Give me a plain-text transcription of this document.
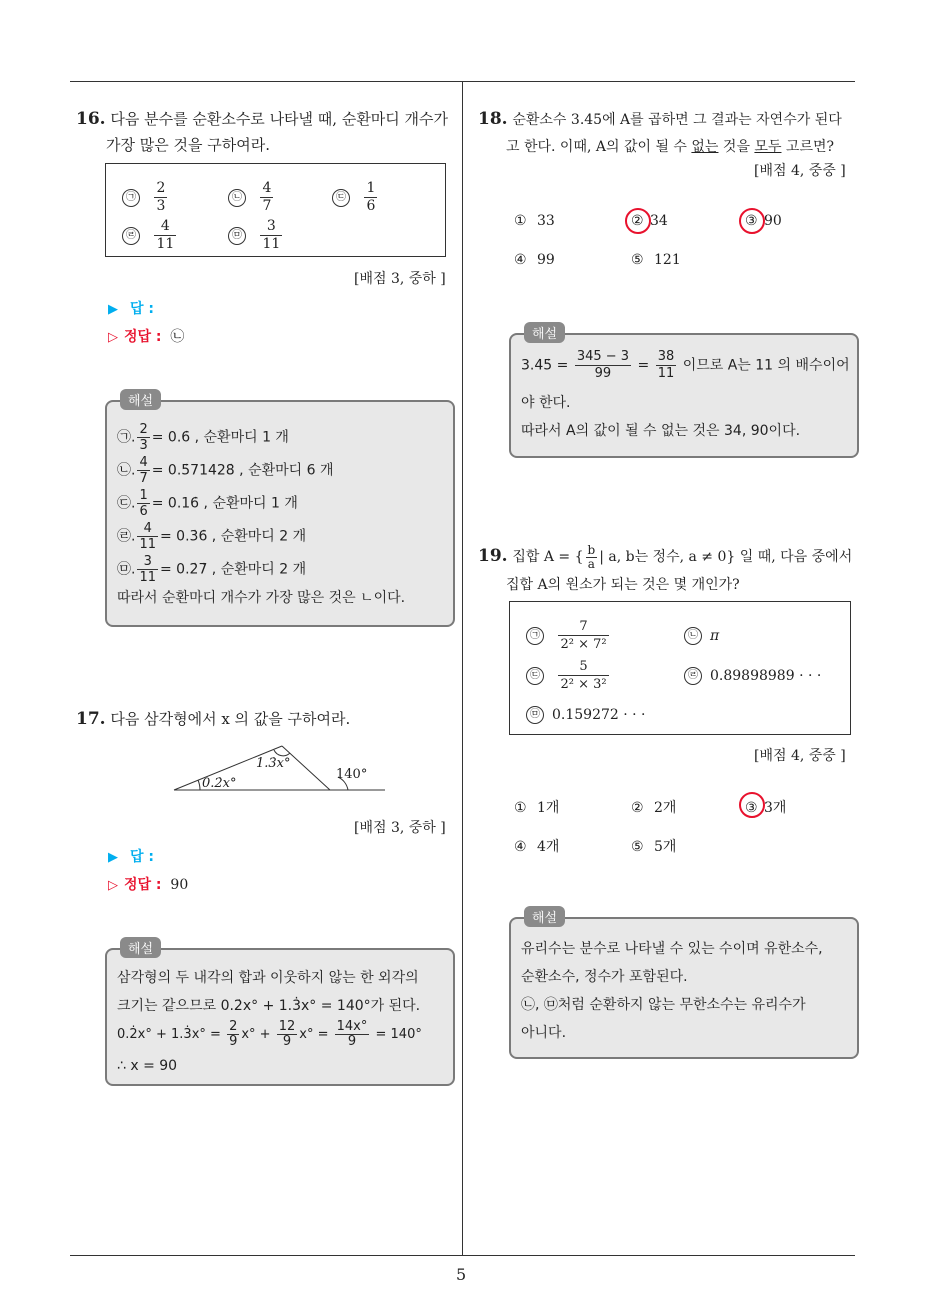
5
16. 다음 분수를 순환소수로 나타낼 때, 순환마디 개수가
가장 많은 것을 구하여라.
㉠ $\frac{2}{3}$	㉡ $\frac{4}{7}$	㉢ $\frac{1}{6}$
㉣ $\frac{4}{11}$	㉤ $\frac{3}{11}$
[배점 3, 중하 ]
▶ 답 :
▷ 정답 : ㉡
㉠. $\frac{2}{3}$ = 0.6̇ , 순환마디 1 개
㉡. $\frac{4}{7}$ = 0.5̇71428̇ , 순환마디 6 개
㉢. $\frac{1}{6}$ = 0.16̇ , 순환마디 1 개
㉣. $\frac{4}{11}$ = 0.3̇6̇ , 순환마디 2 개
㉤. $\frac{3}{11}$ = 0.2̇7̇ , 순환마디 2 개
따라서 순환마디 개수가 가장 많은 것은 ㄴ이다.
해설
17. 다음 삼각형에서 x 의 값을 구하여라.
1.3̇x°
0.2̇x°
140°
[배점 3, 중하 ]
▶ 답 :
▷ 정답 : 90
삼각형의 두 내각의 합과 이웃하지 않는 한 외각의
크기는 같으므로 0.2̇x° + 1.3̇x° = 140°가 된다.
0.2̇x° + 1.3̇x° = $\frac{2}{9} x^\circ + \frac{12}{9} x^\circ = \frac{14x^\circ}{9} = 140^\circ$
∴ x = 90
해설
18. 순환소수 3.4̇5̇에 A를 곱하면 그 결과는 자연수가 된다
고 한다. 이때, A의 값이 될 수 없는 것을 모두 고르면?
[배점 4, 중중 ]
① 33	② 34	③ 90
④ 99	⑤ 121
3.4̇5̇ = $\frac{345 - 3}{99} = \frac{38}{11}$ 이므로 A는 11 의 배수이어
야 한다.
따라서 A의 값이 될 수 없는 것은 34, 90이다.
해설
19. 집합 A = { $\frac{b}{a}$ | a, b는 정수, a ≠ 0} 일 때, 다음 중에서
집합 A의 원소가 되는 것은 몇 개인가?
㉠ $\frac{7}{\text{2² × 7²}}$	㉡ π
㉢ $\frac{5}{\text{2² × 3²}}$	㉣ 0.89898989 · · ·
㉤ 0.159272 · · ·
[배점 4, 중중 ]
① 1개	② 2개	③ 3개
④ 4개	⑤ 5개
유리수는 분수로 나타낼 수 있는 수이며 유한소수,
순환소수, 정수가 포함된다.
㉡, ㉤처럼 순환하지 않는 무한소수는 유리수가
아니다.
해설
